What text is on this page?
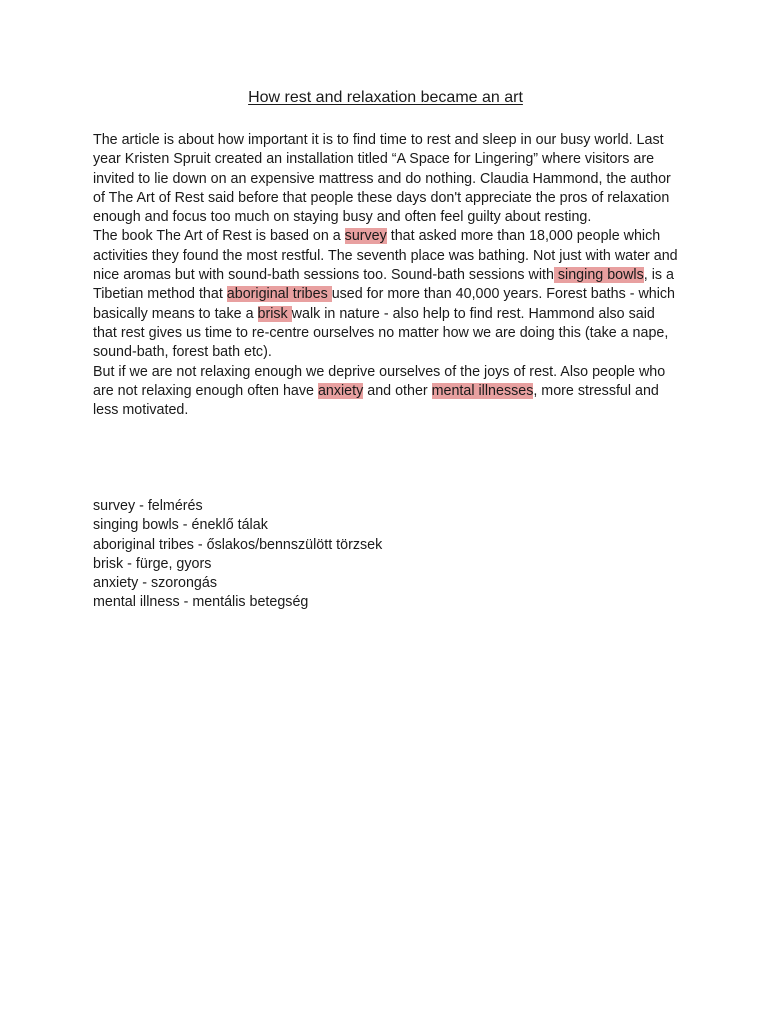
How rest and relaxation became an art

The article is about how important it is to find time to rest and sleep in our busy world. Last year Kristen Spruit created an installation titled “A Space for Lingering” where visitors are invited to lie down on an expensive mattress and do nothing. Claudia Hammond, the author of The Art of Rest said before that people these days don't appreciate the pros of relaxation enough and focus too much on staying busy and often feel guilty about resting.

The book The Art of Rest is based on a survey that asked more than 18,000 people which activities they found the most restful. The seventh place was bathing. Not just with water and nice aromas but with sound-bath sessions too. Sound-bath sessions with singing bowls, is a Tibetian method that aboriginal tribes used for more than 40,000 years. Forest baths - which basically means to take a brisk walk in nature - also help to find rest. Hammond also said that rest gives us time to re-centre ourselves no matter how we are doing this (take a nape, sound-bath, forest bath etc).

But if we are not relaxing enough we deprive ourselves of the joys of rest. Also people who are not relaxing enough often have anxiety and other mental illnesses, more stressful and less motivated.

survey - felmérés
singing bowls - éneklő tálak
aboriginal tribes - őslakos/bennszülött törzsek
brisk - fürge, gyors
anxiety - szorongás
mental illness - mentális betegség
